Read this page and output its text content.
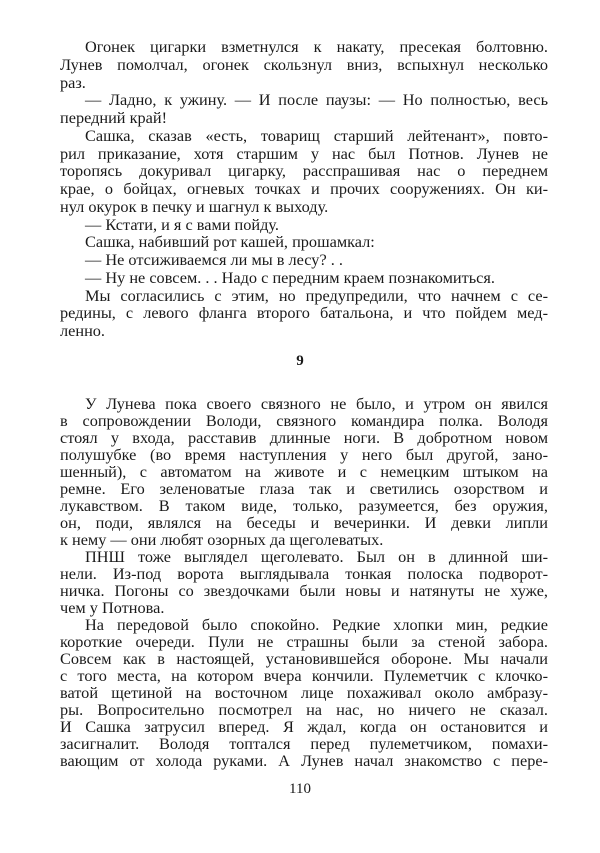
Огонек цигарки взметнулся к накату, пресекая болтовню.
Лунев помолчал, огонек скользнул вниз, вспыхнул несколько
раз.
— Ладно, к ужину. — И после паузы: — Но полностью, весь
передний край!
Сашка, сказав «есть, товарищ старший лейтенант», повто-
рил приказание, хотя старшим у нас был Потнов. Лунев не
торопясь докуривал цигарку, расспрашивая нас о переднем
крае, о бойцах, огневых точках и прочих сооружениях. Он ки-
нул окурок в печку и шагнул к выходу.
— Кстати, и я с вами пойду.
Сашка, набивший рот кашей, прошамкал:
— Не отсиживаемся ли мы в лесу? . .
— Ну не совсем. . . Надо с передним краем познакомиться.
Мы согласились с этим, но предупредили, что начнем с се-
редины, с левого фланга второго батальона, и что пойдем мед-
ленно.
9
У Лунева пока своего связного не было, и утром он явился
в сопровождении Володи, связного командира полка. Володя
стоял у входа, расставив длинные ноги. В добротном новом
полушубке (во время наступления у него был другой, зано-
шенный), с автоматом на животе и с немецким штыком на
ремне. Его зеленоватые глаза так и светились озорством и
лукавством. В таком виде, только, разумеется, без оружия,
он, поди, являлся на беседы и вечеринки. И девки липли
к нему — они любят озорных да щеголеватых.
ПНШ тоже выглядел щеголевато. Был он в длинной ши-
нели. Из-под ворота выглядывала тонкая полоска подворот-
ничка. Погоны со звездочками были новы и натянуты не хуже,
чем у Потнова.
На передовой было спокойно. Редкие хлопки мин, редкие
короткие очереди. Пули не страшны были за стеной забора.
Совсем как в настоящей, установившейся обороне. Мы начали
с того места, на котором вчера кончили. Пулеметчик с клочко-
ватой щетиной на восточном лице похаживал около амбразу-
ры. Вопросительно посмотрел на нас, но ничего не сказал.
И Сашка затрусил вперед. Я ждал, когда он остановится и
засигналит. Володя топтался перед пулеметчиком, помахи-
вающим от холода руками. А Лунев начал знакомство с пере-
110
